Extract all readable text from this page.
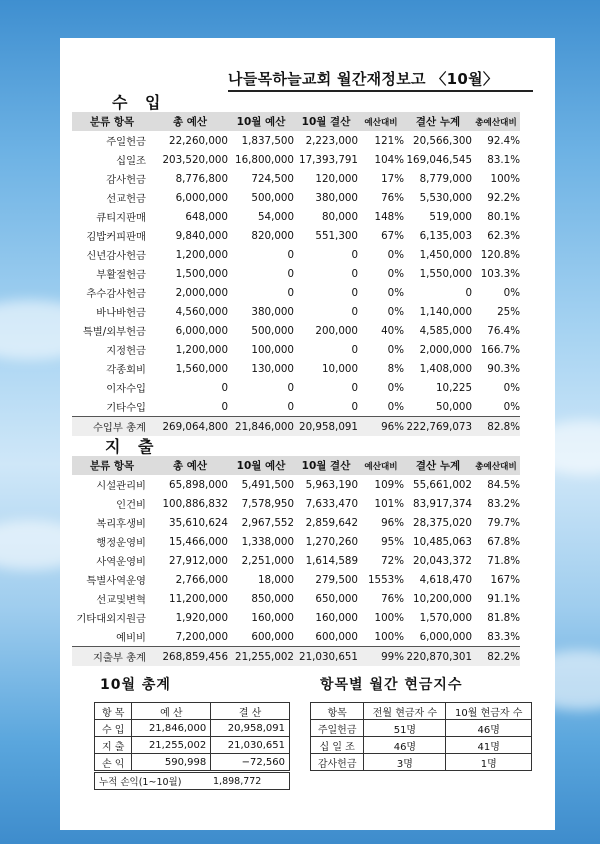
나들목하늘교회 월간재정보고 〈10월〉
수 입
분류 항목	총 예산	10월 예산	10월 결산	예산대비	결산 누계	총예산대비
주일헌금	22,260,000	1,837,500	2,223,000	121%	20,566,300	92.4%
십일조	203,520,000	16,800,000	17,393,791	104%	169,046,545	83.1%
감사헌금	8,776,800	724,500	120,000	17%	8,779,000	100%
선교헌금	6,000,000	500,000	380,000	76%	5,530,000	92.2%
큐티지판매	648,000	54,000	80,000	148%	519,000	80.1%
김밥커피판매	9,840,000	820,000	551,300	67%	6,135,003	62.3%
신년감사헌금	1,200,000	0	0	0%	1,450,000	120.8%
부활절헌금	1,500,000	0	0	0%	1,550,000	103.3%
추수감사헌금	2,000,000	0	0	0%	0	0%
바나바헌금	4,560,000	380,000	0	0%	1,140,000	25%
특별/외부헌금	6,000,000	500,000	200,000	40%	4,585,000	76.4%
지정헌금	1,200,000	100,000	0	0%	2,000,000	166.7%
각종회비	1,560,000	130,000	10,000	8%	1,408,000	90.3%
이자수입	0	0	0	0%	10,225	0%
기타수입	0	0	0	0%	50,000	0%
수입부 총계	269,064,800	21,846,000	20,958,091	96%	222,769,073	82.8%
지 출
분류 항목	총 예산	10월 예산	10월 결산	예산대비	결산 누계	총예산대비
시설관리비	65,898,000	5,491,500	5,963,190	109%	55,661,002	84.5%
인건비	100,886,832	7,578,950	7,633,470	101%	83,917,374	83.2%
복리후생비	35,610,624	2,967,552	2,859,642	96%	28,375,020	79.7%
행정운영비	15,466,000	1,338,000	1,270,260	95%	10,485,063	67.8%
사역운영비	27,912,000	2,251,000	1,614,589	72%	20,043,372	71.8%
특별사역운영	2,766,000	18,000	279,500	1553%	4,618,470	167%
선교및변혁	11,200,000	850,000	650,000	76%	10,200,000	91.1%
기타대외지원금	1,920,000	160,000	160,000	100%	1,570,000	81.8%
예비비	7,200,000	600,000	600,000	100%	6,000,000	83.3%
지출부 총계	268,859,456	21,255,002	21,030,651	99%	220,870,301	82.2%
10월 총계
항 목	예 산	결 산
수 입	21,846,000	20,958,091
지 출	21,255,002	21,030,651
손 익	590,998	−72,560
누적 손익(1~10월)	1,898,772
항목별 월간 현금지수
항목	전월 현금자 수	10월 현금자 수
주일헌금	51명	46명
십 일 조	46명	41명
감사헌금	3명	1명
